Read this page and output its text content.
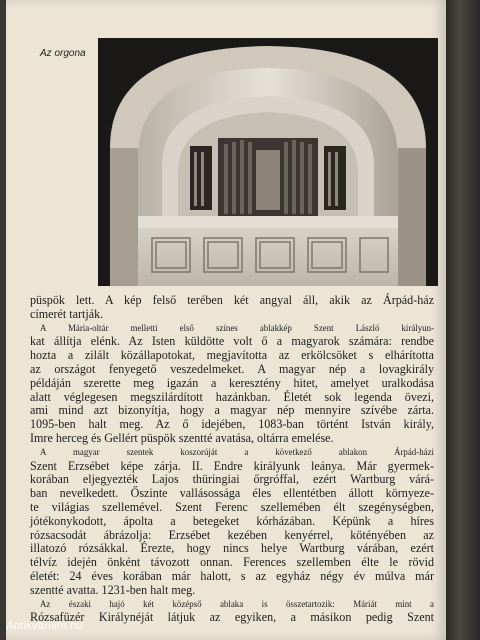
Az orgona

püspök lett. A kép felső terében két angyal áll, akik az Árpád-ház
címerét tartják.

A Mária-oltár melletti első színes ablakkép Szent László királyun-
kat állítja elénk. Az Isten küldötte volt ő a magyarok számára: rendbe
hozta a zilált közállapotokat, megjavította az erkölcsöket s elhárította
az országot fenyegető veszedelmeket. A magyar nép a lovagkirály
példáján szerette meg igazán a keresztény hitet, amelyet uralkodása
alatt véglegesen megszilárdított hazánkban. Életét sok legenda övezi,
ami mind azt bizonyítja, hogy a magyar nép mennyire szívébe zárta.
1095-ben halt meg. Az ő idejében, 1083-ban történt István király,
Imre herceg és Gellért püspök szentté avatása, oltárra emelése.

A magyar szentek koszorúját a következő ablakon Árpád-házi
Szent Erzsébet képe zárja. II. Endre királyunk leánya. Már gyermek-
korában eljegyezték Lajos thüringiai őrgróffal, ezért Wartburg várá-
ban nevelkedett. Őszinte vallásossága éles ellentétben állott környeze-
te világias szellemével. Szent Ferenc szellemében élt szegénységben,
jótékonykodott, ápolta a betegeket kórházában. Képünk a híres
rózsacsodát ábrázolja: Erzsébet kezében kenyérrel, kötényében az
illatozó rózsákkal. Érezte, hogy nincs helye Wartburg várában, ezért
télvíz idején önként távozott onnan. Ferences szellemben élte le rövid
életét: 24 éves korában már halott, s az egyház négy év múlva már
szentté avatta. 1231-ben halt meg.

Az északi hajó két középső ablaka is összetartozik: Máriát mint a
Rózsafüzér Királynéját látjuk az egyiken, a másikon pedig Szent

Antikvarium.hu
